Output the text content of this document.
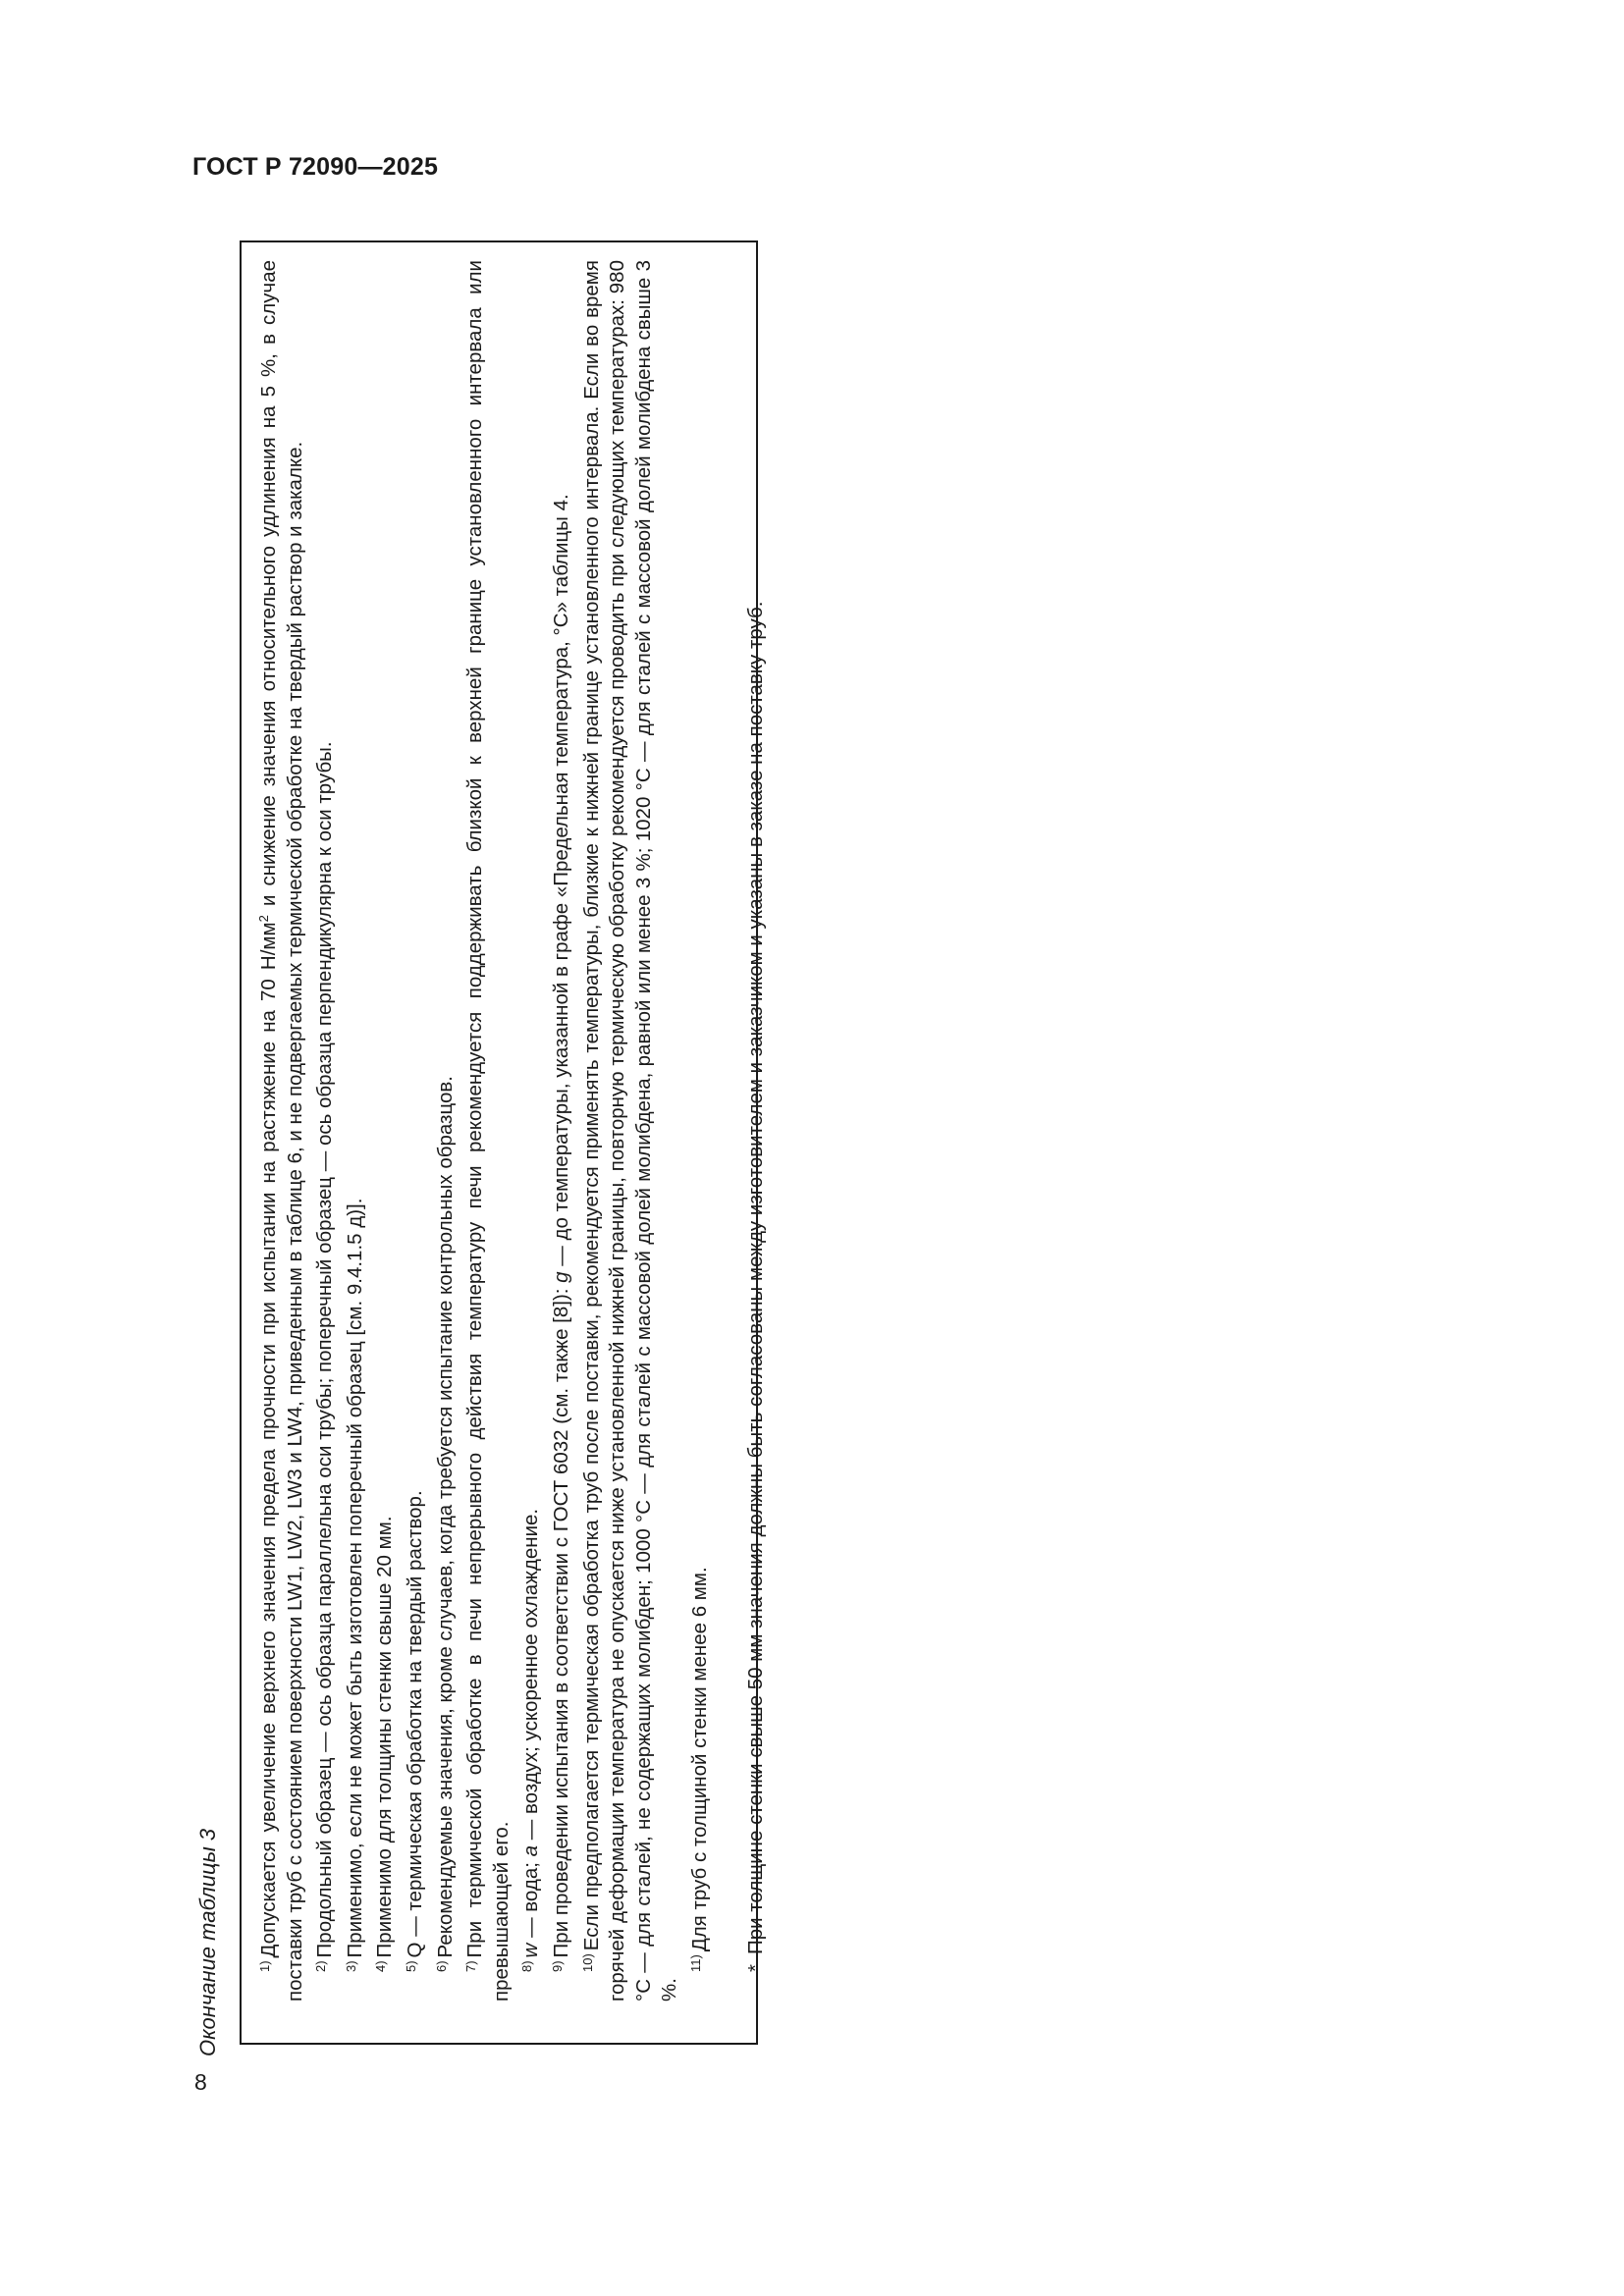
ГОСТ Р 72090—2025
Окончание таблицы 3	$^{1)}$Допускается увеличение верхнего значения предела прочности при испытании на растяжение на 70 $Н/мм^2$ и снижение значения относительного удлинения на 5 %, в случае поставки труб с состоянием поверхности LW1, LW2, LW3 и LW4, приведенным в таблице 6, и не подвергаемых термической обработке на твердый раствор и закалке. $^{2)}$Продольный образец — ось образца параллельна оси трубы; поперечный образец — ось образца перпендикулярна к оси трубы.

$^{3)}$Применимо, если не может быть изготовлен поперечный образец [см. 9.4.1.5 д)].

$^{4)}$Применимо для толщины стенки свыше 20 мм.

$^{5)}$Q — термическая обработка на твердый раствор.

$^{6)}$Рекомендуемые значения, кроме случаев, когда требуется испытание контрольных образцов.

$^{7)}$При термической обработке в печи непрерывного действия температуру печи рекомендуется поддерживать близкой к верхней границе установленного интервала или превышающей его. $^{8)}$w — вода; a — воздух; ускоренное охлаждение.

$^{9)}$При проведении испытания в соответствии с ГОСТ 6032 (см. также [8]): g — до температуры, указанной в графе «Предельная температура, °С» таблицы 4.

$^{10)}$Если предполагается термическая обработка труб после поставки, рекомендуется применять температуры, близкие к нижней границе установленного интервала. Если во время горячей деформации температура не опускается ниже установленной нижней границы, повторную термическую обработку рекомендуется проводить при следующих температурах: 980 °С — для сталей, не содержащих молибден; 1000 °С — для сталей с массовой долей молибдена, равной или менее 3 %; 1020 °С — для сталей с массовой долей молибдена свыше 3 %.

$^{11)}$Для труб с толщиной стенки менее 6 мм.

*При толщине стенки свыше 50 мм значения должны быть согласованы между изготовителем и заказчиком и указаны в заказе на поставку труб.

8
